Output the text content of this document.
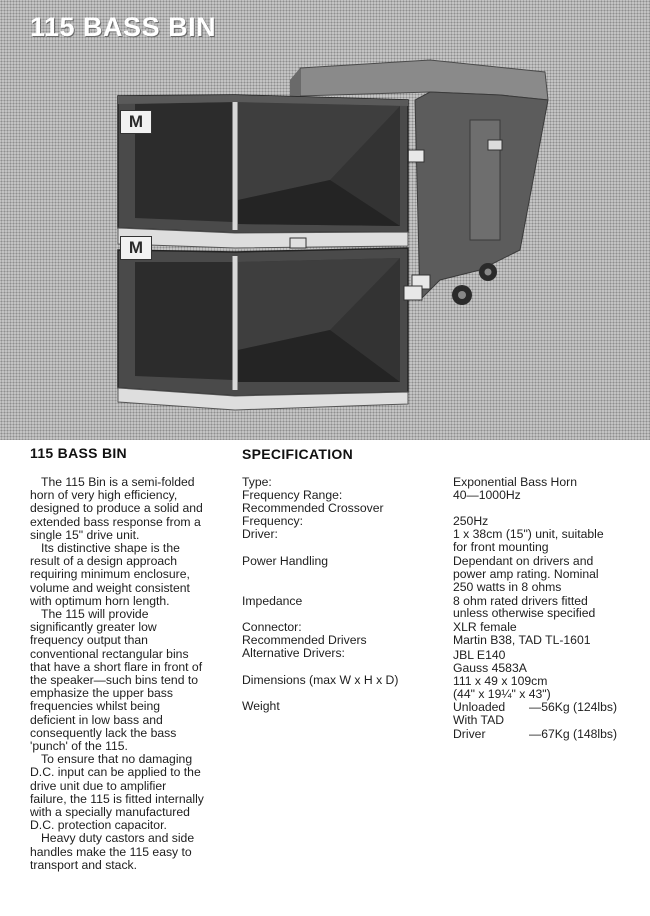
M
M
115 BASS BIN
115 BASS BIN

The 115 Bin is a semi-folded horn of very high efficiency, designed to produce a solid and extended bass response from a single 15" drive unit.

Its distinctive shape is the result of a design approach requiring minimum enclosure, volume and weight consistent with optimum horn length.

The 115 will provide significantly greater low frequency output than conventional rectangular bins that have a short flare in front of the speaker—such bins tend to emphasize the upper bass frequencies whilst being deficient in low bass and consequently lack the bass 'punch' of the 115.

To ensure that no damaging D.C. input can be applied to the drive unit due to amplifier failure, the 115 is fitted internally with a specially manufactured D.C. protection capacitor.

Heavy duty castors and side handles make the 115 easy to transport and stack.

SPECIFICATION
Type:
Frequency Range:
Recommended Crossover
Frequency:
Driver:
Power Handling
Impedance
Connector:
Recommended Drivers
Alternative Drivers:
Dimensions (max W x H x D)
Weight
Exponential Bass Horn
40—1000Hz
250Hz
1 x 38cm (15") unit, suitable
for front mounting
Dependant on drivers and
power amp rating. Nominal
250 watts in 8 ohms
8 ohm rated drivers fitted
unless otherwise specified
XLR female
Martin B38, TAD TL-1601
JBL E140
Gauss 4583A
111 x 49 x 109cm
(44" x 19¼" x 43")
Unloaded —56Kg (124lbs)
With TAD
Driver	—67Kg (148lbs)
